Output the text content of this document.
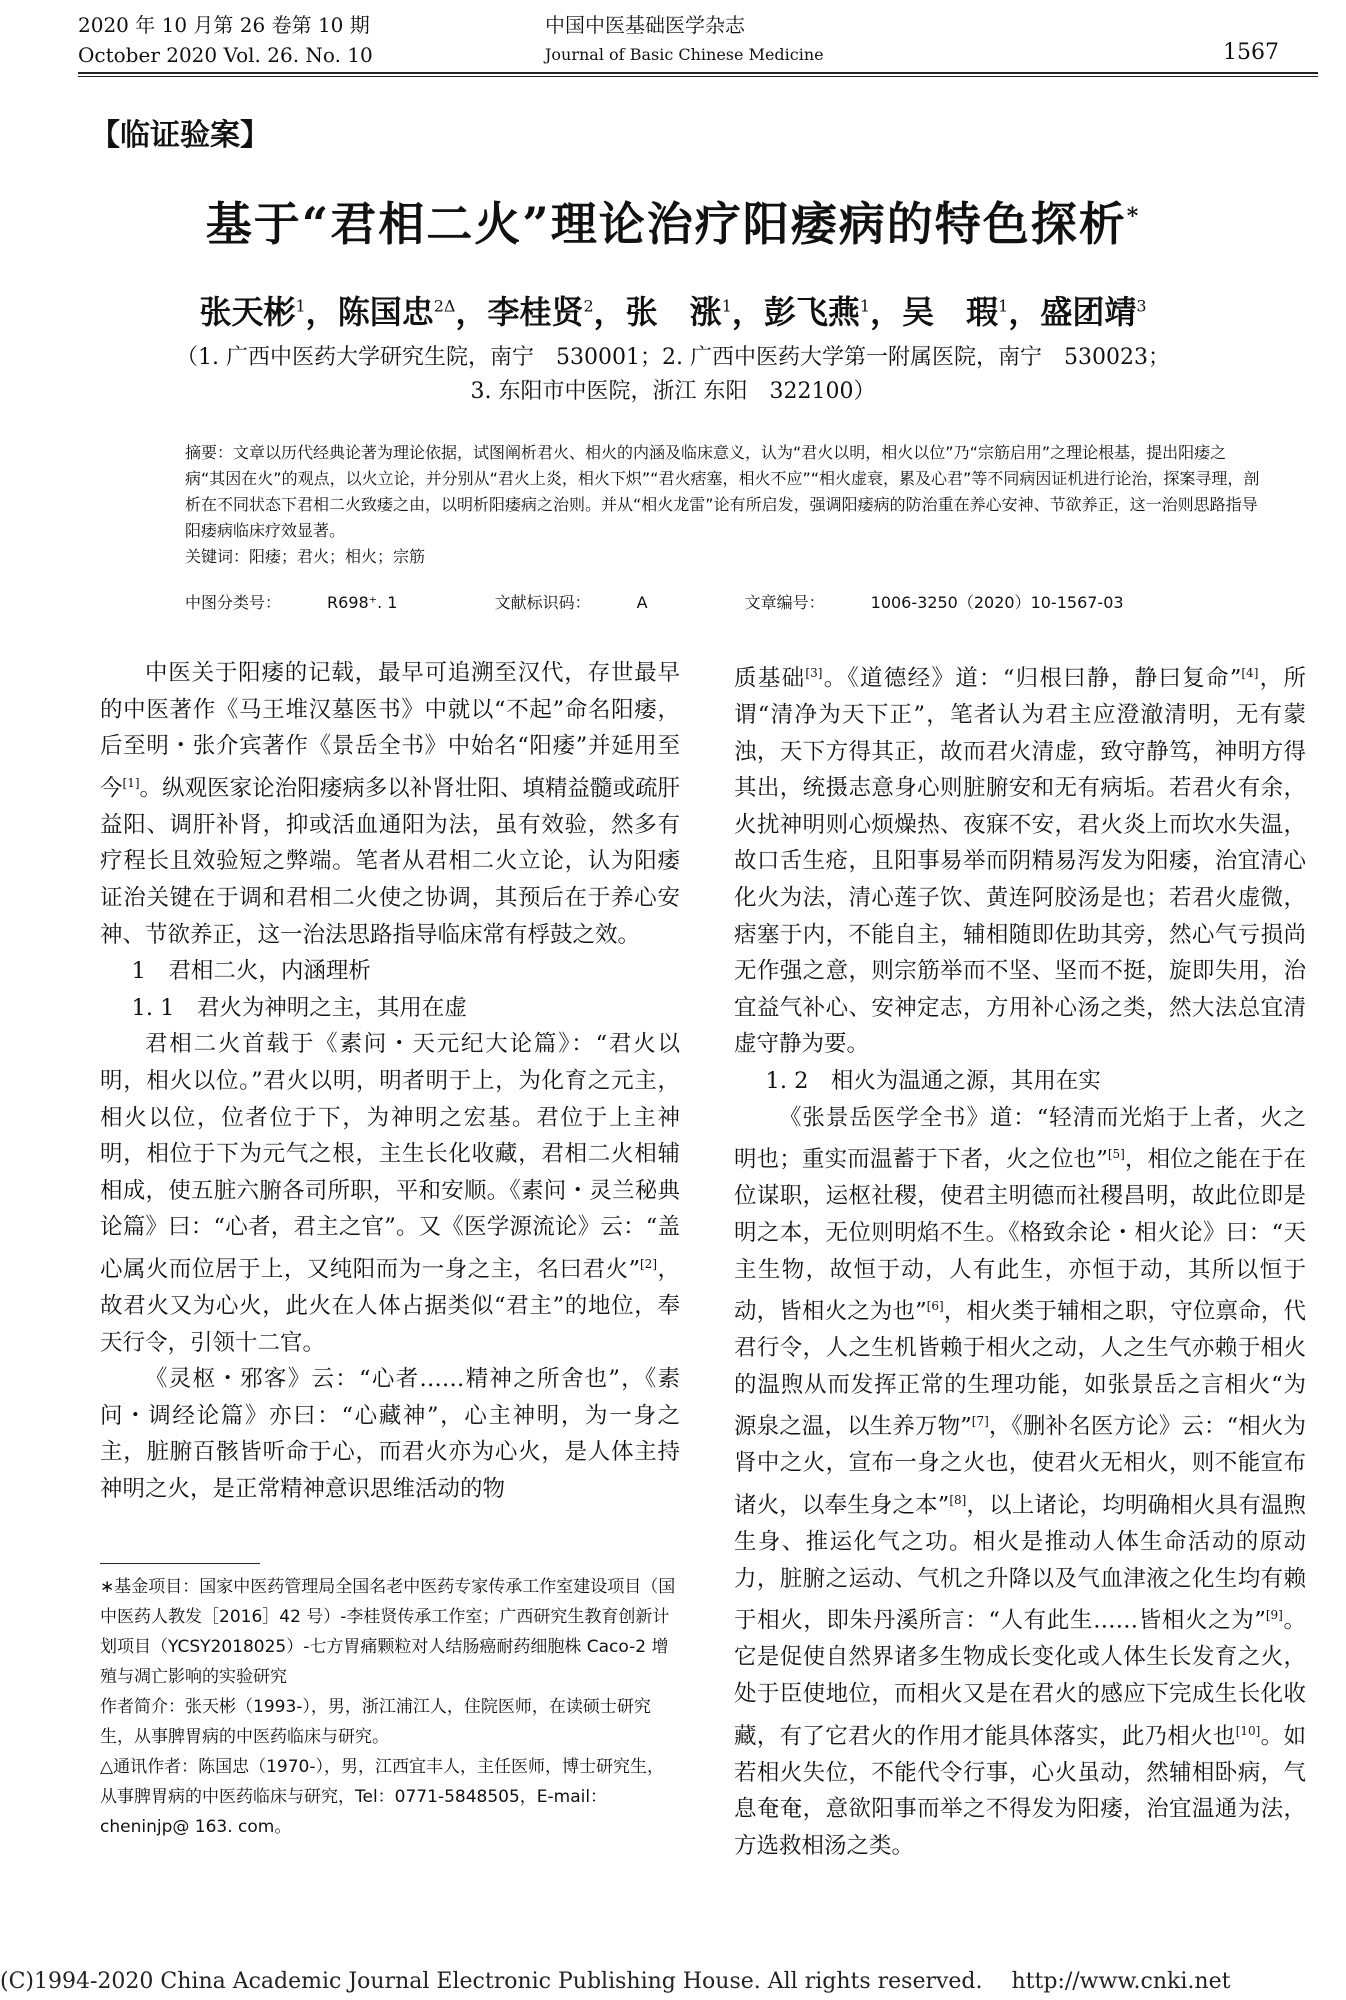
2020 年 10 月第 26 卷第 10 期
October 2020 Vol. 26. No. 10
中国中医基础医学杂志
Journal of Basic Chinese Medicine	1567
【临证验案】
基于“君相二火”理论治疗阳痿病的特色探析*
张天彬$^1$，陈国忠$^{2\Delta}$，李桂贤$^2$，张　涨$^1$，彭飞燕$^1$，吴　瑕$^1$，盛团靖$^3$
（1. 广西中医药大学研究生院，南宁　530001；2. 广西中医药大学第一附属医院，南宁　530023；
3. 东阳市中医院，浙江 东阳　322100）

摘要：文章以历代经典论著为理论依据，试图阐析君火、相火的内涵及临床意义，认为“君火以明，相火以位”乃“宗筋启用”之理论根基，提出阳痿之病“其因在火”的观点，以火立论，并分别从“君火上炎，相火下炽”“君火痞塞，相火不应”“相火虚衰，累及心君”等不同病因证机进行论治，探案寻理，剖析在不同状态下君相二火致痿之由，以明析阳痿病之治则。并从“相火龙雷”论有所启发，强调阳痿病的防治重在养心安神、节欲养正，这一治则思路指导阳痿病临床疗效显著。

关键词：阳痿；君火；相火；宗筋

中图分类号：	R698⁺. 1	文献标识码：	A	文章编号：	1006-3250（2020）10-1567-03

中医关于阳痿的记载，最早可追溯至汉代，存世最早的中医著作《马王堆汉墓医书》中就以“不起”命名阳痿，后至明・张介宾著作《景岳全书》中始名“阳痿”并延用至今[1]。纵观医家论治阳痿病多以补肾壮阳、填精益髓或疏肝益阳、调肝补肾，抑或活血通阳为法，虽有效验，然多有疗程长且效验短之弊端。笔者从君相二火立论，认为阳痿证治关键在于调和君相二火使之协调，其预后在于养心安神、节欲养正，这一治法思路指导临床常有桴鼓之效。

1　君相二火，内涵理析

1. 1　君火为神明之主，其用在虚

君相二火首载于《素问・天元纪大论篇》：“君火以明，相火以位。”君火以明，明者明于上，为化育之元主，相火以位，位者位于下，为神明之宏基。君位于上主神明，相位于下为元气之根，主生长化收藏，君相二火相辅相成，使五脏六腑各司所职，平和安顺。《素问・灵兰秘典论篇》曰：“心者，君主之官”。又《医学源流论》云：“盖心属火而位居于上，又纯阳而为一身之主，名曰君火”[2]，故君火又为心火，此火在人体占据类似“君主”的地位，奉天行令，引领十二官。

《灵枢・邪客》云：“心者……精神之所舍也”，《素问・调经论篇》亦曰：“心藏神”，心主神明，为一身之主，脏腑百骸皆听命于心，而君火亦为心火，是人体主持神明之火，是正常精神意识思维活动的物

质基础[3]。《道德经》道：“归根曰静，静曰复命”[4]，所谓“清净为天下正”，笔者认为君主应澄澈清明，无有蒙浊，天下方得其正，故而君火清虚，致守静笃，神明方得其出，统摄志意身心则脏腑安和无有病垢。若君火有余，火扰神明则心烦燥热、夜寐不安，君火炎上而坎水失温，故口舌生疮，且阳事易举而阴精易泻发为阳痿，治宜清心化火为法，清心莲子饮、黄连阿胶汤是也；若君火虚微，痞塞于内，不能自主，辅相随即佐助其旁，然心气亏损尚无作强之意，则宗筋举而不坚、坚而不挺，旋即失用，治宜益气补心、安神定志，方用补心汤之类，然大法总宜清虚守静为要。

1. 2　相火为温通之源，其用在实

《张景岳医学全书》道：“轻清而光焰于上者，火之明也；重实而温蓄于下者，火之位也”[5]，相位之能在于在位谋职，运枢社稷，使君主明德而社稷昌明，故此位即是明之本，无位则明焰不生。《格致余论・相火论》曰：“天主生物，故恒于动，人有此生，亦恒于动，其所以恒于动，皆相火之为也”[6]，相火类于辅相之职，守位禀命，代君行令，人之生机皆赖于相火之动，人之生气亦赖于相火的温煦从而发挥正常的生理功能，如张景岳之言相火“为源泉之温，以生养万物”[7]，《删补名医方论》云：“相火为肾中之火，宣布一身之火也，使君火无相火，则不能宣布诸火，以奉生身之本”[8]，以上诸论，均明确相火具有温煦生身、推运化气之功。相火是推动人体生命活动的原动力，脏腑之运动、气机之升降以及气血津液之化生均有赖于相火，即朱丹溪所言：“人有此生……皆相火之为”[9]。它是促使自然界诸多生物成长变化或人体生长发育之火，处于臣使地位，而相火又是在君火的感应下完成生长化收藏，有了它君火的作用才能具体落实，此乃相火也[10]。如若相火失位，不能代令行事，心火虽动，然辅相卧病，气息奄奄，意欲阳事而举之不得发为阳痿，治宜温通为法，方选救相汤之类。

∗基金项目：国家中医药管理局全国名老中医药专家传承工作室建设项目（国中医药人教发［2016］42 号）-李桂贤传承工作室；广西研究生教育创新计划项目（YCSY2018025）-七方胃痛颗粒对人结肠癌耐药细胞株 Caco-2 增殖与凋亡影响的实验研究

作者简介：张天彬（1993-），男，浙江浦江人，住院医师，在读硕士研究生，从事脾胃病的中医药临床与研究。

△通讯作者：陈国忠（1970-），男，江西宜丰人，主任医师，博士研究生，从事脾胃病的中医药临床与研究，Tel：0771-5848505，E-mail：cheninjp@ 163. com。

(C)1994-2020 China Academic Journal Electronic Publishing House. All rights reserved.　 http://www.cnki.net
